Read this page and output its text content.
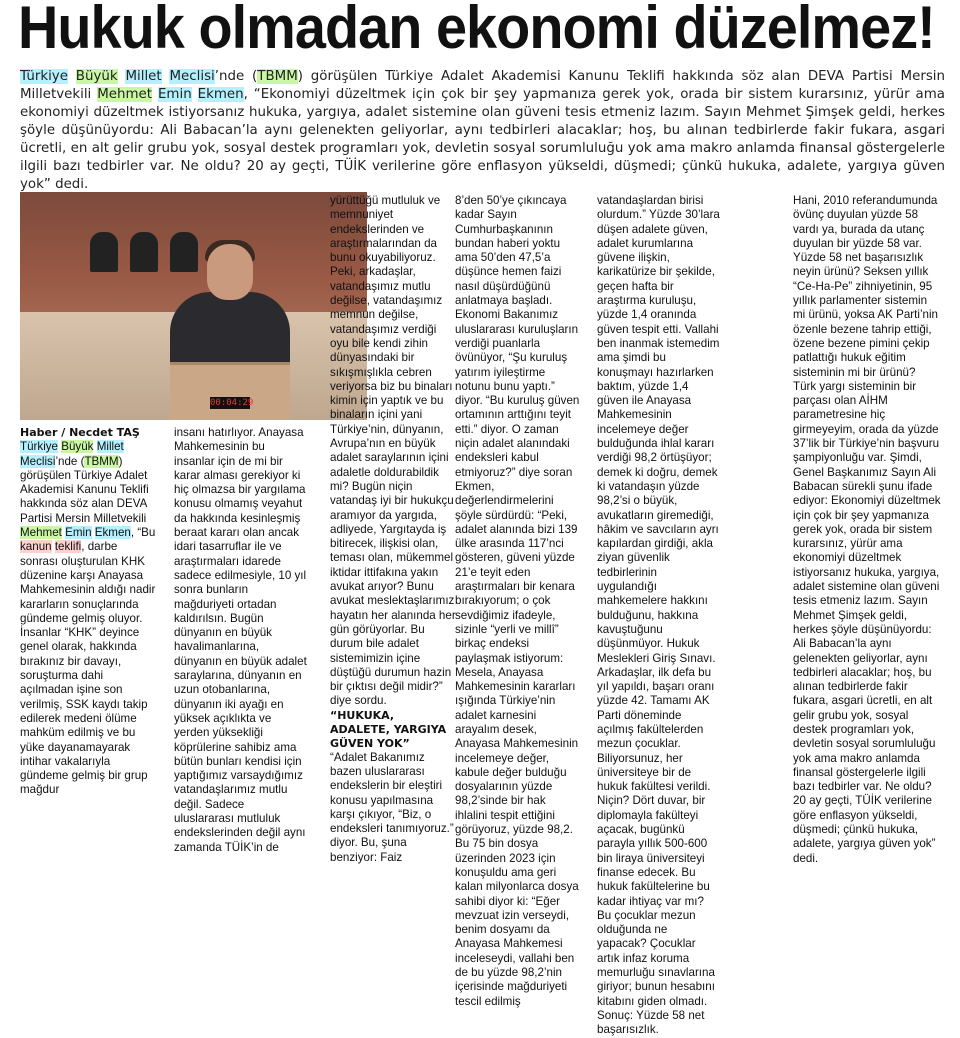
Hukuk olmadan ekonomi düzelmez!
Türkiye Büyük Millet Meclisi’nde (TBMM) görüşülen Türkiye Adalet Akademisi Kanunu Teklifi hakkında söz alan DEVA Partisi Mersin Milletvekili Mehmet Emin Ekmen, “Ekonomiyi düzeltmek için çok bir şey yapmanıza gerek yok, orada bir sistem kurarsınız, yürür ama ekonomiyi düzeltmek istiyorsanız hukuka, yargıya, adalet sistemine olan güveni tesis etmeniz lazım. Sayın Mehmet Şimşek geldi, herkes şöyle düşünüyordu: Ali Babacan’la aynı gelenekten geliyorlar, aynı tedbirleri alacaklar; hoş, bu alınan tedbirlerde fakir fukara, asgari ücretli, en alt gelir grubu yok, sosyal destek programları yok, devletin sosyal sorumluluğu yok ama makro anlamda finansal göstergelerle ilgili bazı tedbirler var. Ne oldu? 20 ay geçti, TÜİK verilerine göre enflasyon yükseldi, düşmedi; çünkü hukuka, adalete, yargıya güven yok” dedi.
00:04:29

Haber / Necdet TAŞ

Türkiye Büyük Millet Meclisi’nde (TBMM) görüşülen Türkiye Adalet Akademisi Kanunu Teklifi hakkında söz alan DEVA Partisi Mersin Milletvekili Mehmet Emin Ekmen, “Bu kanun teklifi, darbe sonrası oluşturulan KHK düzenine karşı Anayasa Mahkemesinin aldığı nadir kararların sonuçlarında gündeme gelmiş oluyor. İnsanlar “KHK” deyince genel olarak, hakkında bırakınız bir davayı, soruşturma dahi açılmadan işine son verilmiş, SSK kaydı takip edilerek medeni ölüme mahküm edilmiş ve bu yüke dayanamayarak intihar vakalarıyla gündeme gelmiş bir grup mağdur

insanı hatırlıyor. Anayasa Mahkemesinin bu insanlar için de mi bir karar alması gerekiyor ki hiç olmazsa bir yargılama konusu olmamış veyahut da hakkında kesinleşmiş beraat kararı olan ancak idari tasarruflar ile ve araştırmaları idarede sadece edilmesiyle, 10 yıl sonra bunların mağduriyeti ortadan kaldırılsın. Bugün dünyanın en büyük havalimanlarına, dünyanın en büyük adalet saraylarına, dünyanın en uzun otobanlarına, dünyanın iki ayağı en yüksek açıklıkta ve yerden yüksekliği köprülerine sahibiz ama bütün bunları kendisi için yaptığımız varsaydığımız vatandaşlarımız mutlu değil. Sadece uluslararası mutluluk endekslerinden değil aynı zamanda TÜİK’in de

yürüttüğü mutluluk ve memnuniyet endekslerinden ve araştırmalarından da bunu okuyabiliyoruz. Peki, arkadaşlar, vatandaşımız mutlu değilse, vatandaşımız memnun değilse, vatandaşımız verdiği oyu bile kendi zihin dünyasındaki bir sıkışmışlıkla cebren veriyorsa biz bu binaları kimin için yaptık ve bu binaların içini yani Türkiye’nin, dünyanın, Avrupa’nın en büyük adalet saraylarının içini adaletle doldurabildik mi? Bugün niçin vatandaş iyi bir hukukçu aramıyor da yargıda, adliyede, Yargıtayda iş bitirecek, ilişkisi olan, teması olan, mükemmel iktidar ittifakına yakın avukat arıyor? Bunu avukat meslektaşlarımız hayatın her alanında her gün görüyorlar. Bu durum bile adalet sistemimizin içine düştüğü durumun hazin bir çıktısı değil midir?” diye sordu.

“HUKUKA, ADALETE, YARGIYA GÜVEN YOK”

“Adalet Bakanımız bazen uluslararası endekslerin bir eleştiri konusu yapılmasına karşı çıkıyor, “Biz, o endeksleri tanımıyoruz.” diyor. Bu, şuna benziyor: Faiz

8’den 50’ye çıkıncaya kadar Sayın Cumhurbaşkanının bundan haberi yoktu ama 50’den 47,5’a düşünce hemen faizi nasıl düşürdüğünü anlatmaya başladı. Ekonomi Bakanımız uluslararası kuruluşların verdiği puanlarla övünüyor, “Şu kuruluş yatırım iyileştirme notunu bunu yaptı.” diyor. “Bu kuruluş güven ortamının arttığını teyit etti.” diyor. O zaman niçin adalet alanındaki endeksleri kabul etmiyoruz?” diye soran Ekmen, değerlendirmelerini şöyle sürdürdü: “Peki, adalet alanında bizi 139 ülke arasında 117’nci gösteren, güveni yüzde 21’e teyit eden araştırmaları bir kenara bırakıyorum; o çok sevdiğimiz ifadeyle, sizinle “yerli ve millî” birkaç endeksi paylaşmak istiyorum: Mesela, Anayasa Mahkemesinin kararları ışığında Türkiye’nin adalet karnesini arayalım desek, Anayasa Mahkemesinin incelemeye değer, kabule değer bulduğu dosyalarının yüzde 98,2’sinde bir hak ihlalini tespit ettiğini görüyoruz, yüzde 98,2. Bu 75 bin dosya üzerinden 2023 için konuşuldu ama geri kalan milyonlarca dosya sahibi diyor ki: “Eğer mevzuat izin verseydi, benim dosyamı da Anayasa Mahkemesi inceleseydi, vallahi ben de bu yüzde 98,2’nin içerisinde mağduriyeti tescil edilmiş

vatandaşlardan birisi olurdum.” Yüzde 30’lara düşen adalete güven, adalet kurumlarına güvene ilişkin, karikatürize bir şekilde, geçen hafta bir araştırma kuruluşu, yüzde 1,4 oranında güven tespit etti. Vallahi ben inanmak istemedim ama şimdi bu konuşmayı hazırlarken baktım, yüzde 1,4 güven ile Anayasa Mahkemesinin incelemeye değer bulduğunda ihlal kararı verdiği 98,2 örtüşüyor; demek ki doğru, demek ki vatandaşın yüzde 98,2’si o büyük, avukatların giremediği, hâkim ve savcıların ayrı kapılardan girdiği, akla ziyan güvenlik tedbirlerinin uygulandığı mahkemelere hakkını bulduğunu, hakkına kavuştuğunu düşünmüyor. Hukuk Meslekleri Giriş Sınavı. Arkadaşlar, ilk defa bu yıl yapıldı, başarı oranı yüzde 42. Tamamı AK Parti döneminde açılmış fakültelerden mezun çocuklar. Biliyorsunuz, her üniversiteye bir de hukuk fakültesi verildi. Niçin? Dört duvar, bir diplomayla fakülteyi açacak, bugünkü parayla yıllık 500-600 bin liraya üniversiteyi finanse edecek. Bu hukuk fakültelerine bu kadar ihtiyaç var mı? Bu çocuklar mezun olduğunda ne yapacak? Çocuklar artık infaz koruma memurluğu sınavlarına giriyor; bunun hesabını kitabını giden olmadı. Sonuç: Yüzde 58 net başarısızlık.

Hani, 2010 referandumunda övünç duyulan yüzde 58 vardı ya, burada da utanç duyulan bir yüzde 58 var. Yüzde 58 net başarısızlık neyin ürünü? Seksen yıllık “Ce-Ha-Pe” zihniyetinin, 95 yıllık parlamenter sistemin mi ürünü, yoksa AK Parti’nin özenle bezene tahrip ettiği, özene bezene pimini çekip patlattığı hukuk eğitim sisteminin mi bir ürünü? Türk yargı sisteminin bir parçası olan AİHM parametresine hiç girmeyeyim, orada da yüzde 37’lik bir Türkiye’nin başvuru şampiyonluğu var. Şimdi, Genel Başkanımız Sayın Ali Babacan sürekli şunu ifade ediyor: Ekonomiyi düzeltmek için çok bir şey yapmanıza gerek yok, orada bir sistem kurarsınız, yürür ama ekonomiyi düzeltmek istiyorsanız hukuka, yargıya, adalet sistemine olan güveni tesis etmeniz lazım. Sayın Mehmet Şimşek geldi, herkes şöyle düşünüyordu: Ali Babacan’la aynı gelenekten geliyorlar, aynı tedbirleri alacaklar; hoş, bu alınan tedbirlerde fakir fukara, asgari ücretli, en alt gelir grubu yok, sosyal destek programları yok, devletin sosyal sorumluluğu yok ama makro anlamda finansal göstergelerle ilgili bazı tedbirler var. Ne oldu? 20 ay geçti, TÜİK verilerine göre enflasyon yükseldi, düşmedi; çünkü hukuka, adalete, yargıya güven yok” dedi.
